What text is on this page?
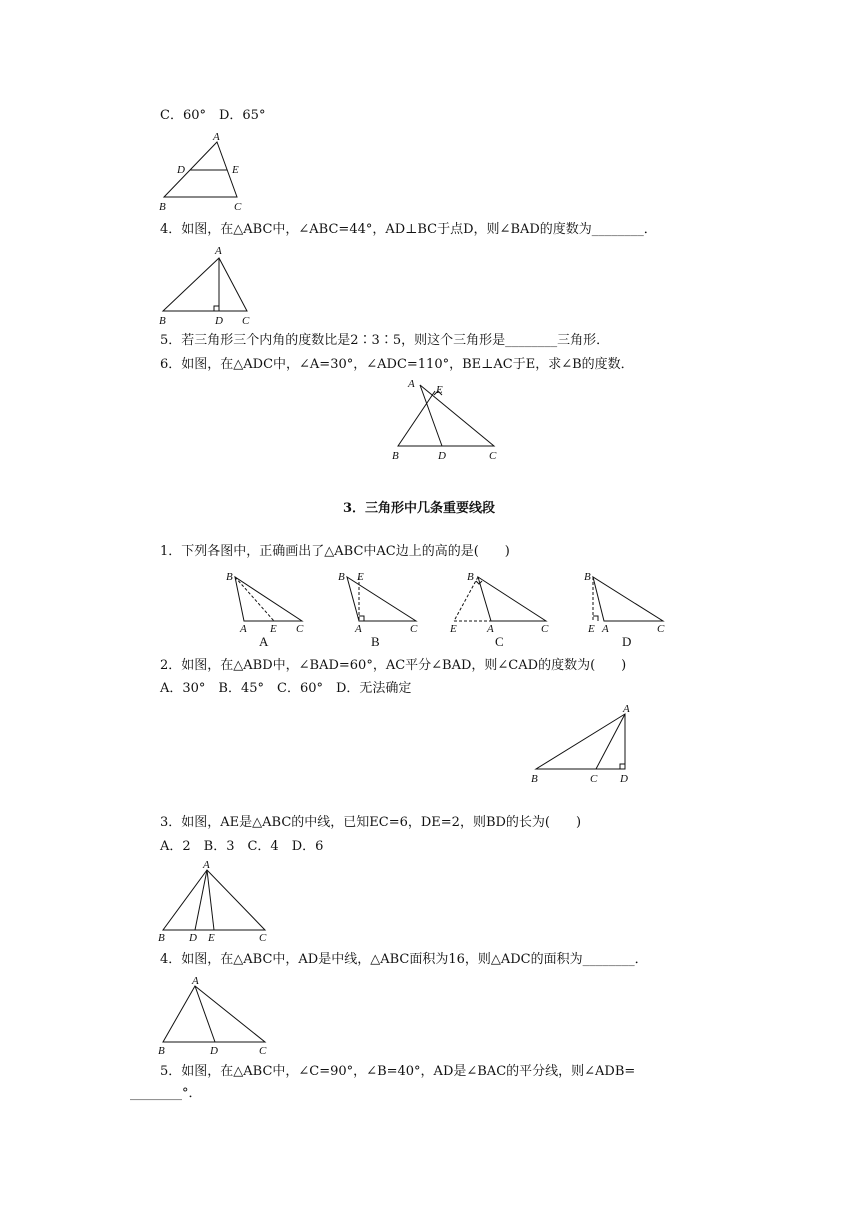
C．60°　D．65°
A
D	E
B	C
4．如图，在△ABC中，∠ABC=44°，AD⊥BC于点D，则∠BAD的度数为________．
A
B	D C
5．若三角形三个内角的度数比是2∶3∶5，则这个三角形是________三角形．
6．如图，在△ADC中，∠A=30°，∠ADC=110°，BE⊥AC于E，求∠B的度数．
A E
B	D	C
3．三角形中几条重要线段
1．下列各图中，正确画出了△ABC中AC边上的高的是(　　)
B
A E C
A
B E
A	C
B
B
E	A	C
C
B
E A	C
D
2．如图，在△ABD中，∠BAD=60°，AC平分∠BAD，则∠CAD的度数为(　　)
A．30°　B．45°　C．60°　D．无法确定
A
B	C D
3．如图，AE是△ABC的中线，已知EC=6，DE=2，则BD的长为(　　)
A．2　B．3　C．4　D．6
A
B D E	C
4．如图，在△ABC中，AD是中线，△ABC面积为16，则△ADC的面积为________．
A
B	D	C
5．如图，在△ABC中，∠C=90°，∠B=40°，AD是∠BAC的平分线，则∠ADB=
________°．
